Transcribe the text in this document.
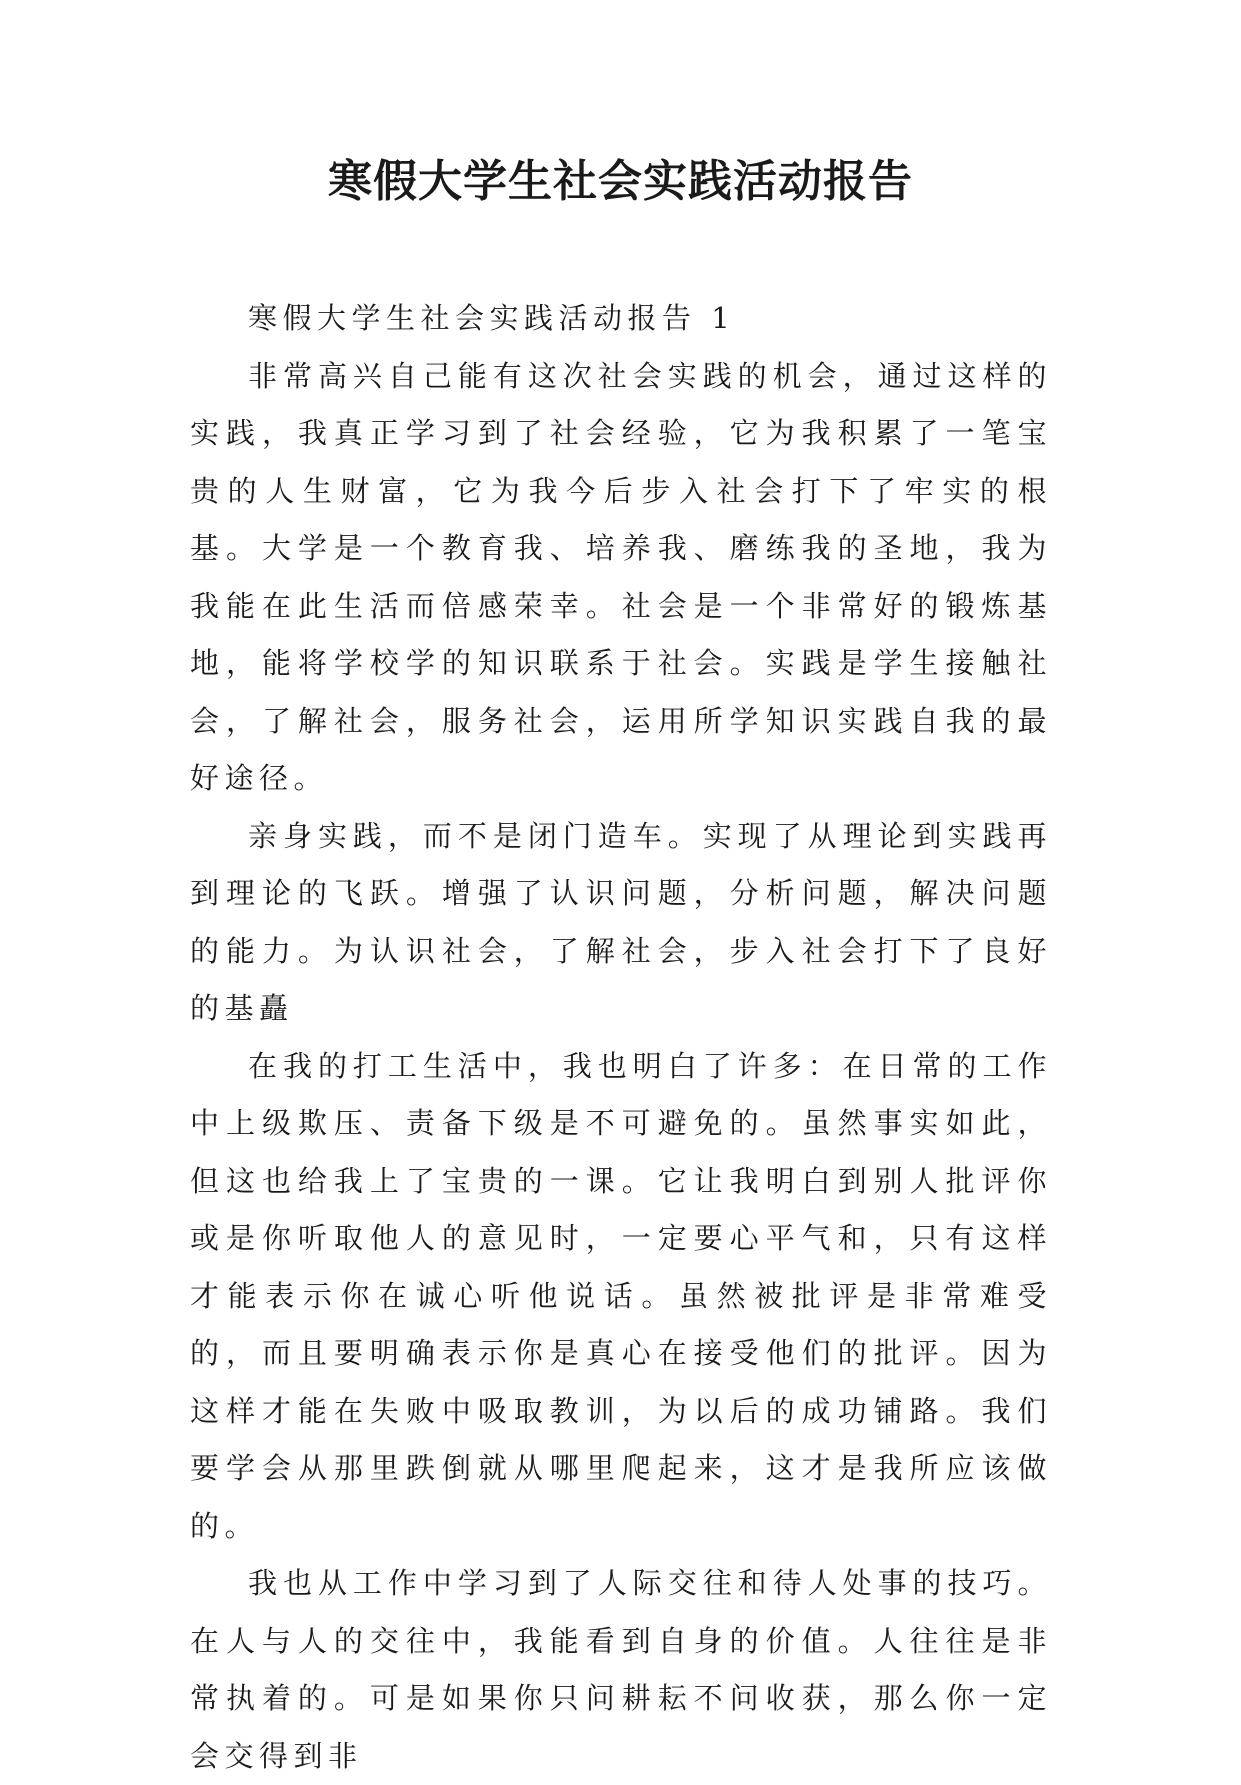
寒假大学生社会实践活动报告

寒假大学生社会实践活动报告 1

非常高兴自己能有这次社会实践的机会，通过这样的实践，我真正学习到了社会经验，它为我积累了一笔宝贵的人生财富，它为我今后步入社会打下了牢实的根基。大学是一个教育我、培养我、磨练我的圣地，我为我能在此生活而倍感荣幸。社会是一个非常好的锻炼基地，能将学校学的知识联系于社会。实践是学生接触社会，了解社会，服务社会，运用所学知识实践自我的最好途径。

亲身实践，而不是闭门造车。实现了从理论到实践再到理论的飞跃。增强了认识问题，分析问题，解决问题的能力。为认识社会，了解社会，步入社会打下了良好的基矗

在我的打工生活中，我也明白了许多：在日常的工作中上级欺压、责备下级是不可避免的。虽然事实如此，但这也给我上了宝贵的一课。它让我明白到别人批评你或是你听取他人的意见时，一定要心平气和，只有这样才能表示你在诚心听他说话。虽然被批评是非常难受的，而且要明确表示你是真心在接受他们的批评。因为这样才能在失败中吸取教训，为以后的成功铺路。我们要学会从那里跌倒就从哪里爬起来，这才是我所应该做的。

我也从工作中学习到了人际交往和待人处事的技巧。在人与人的交往中，我能看到自身的价值。人往往是非常执着的。可是如果你只问耕耘不问收获，那么你一定会交得到非
